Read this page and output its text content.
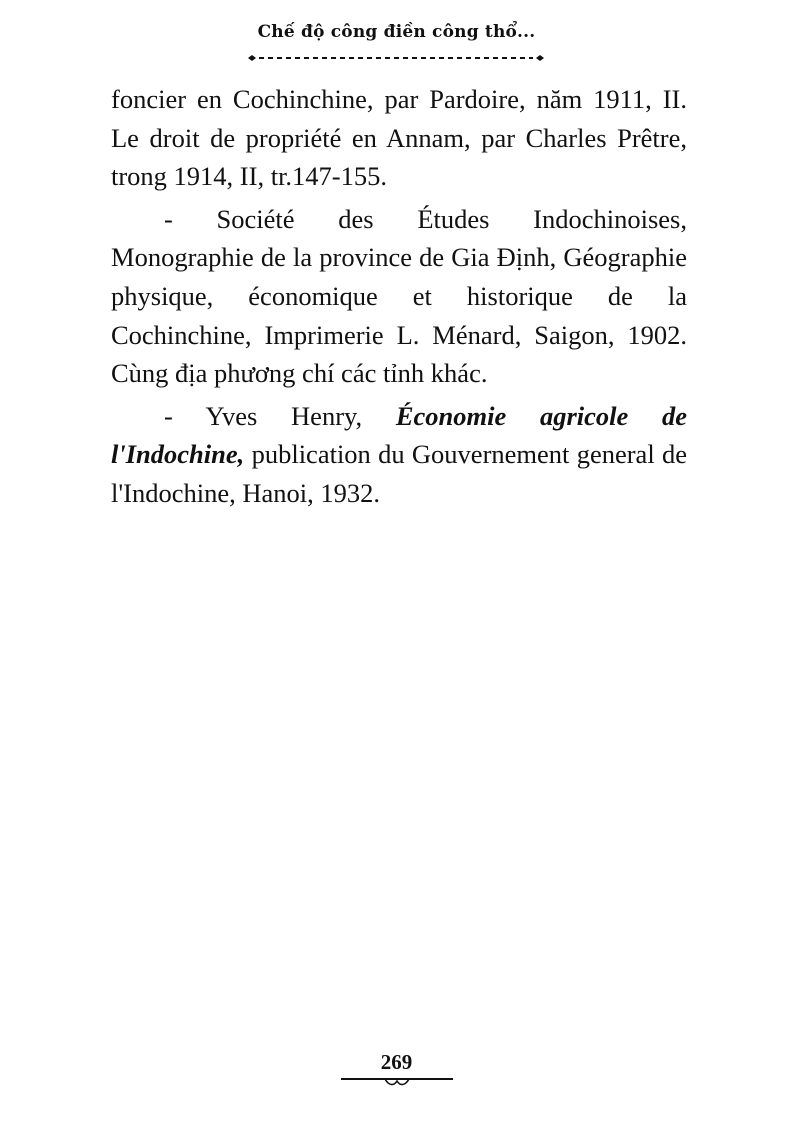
Chế độ công điền công thổ...

foncier en Cochinchine, par Pardoire, năm 1911, II. Le droit de propriété en Annam, par Charles Prêtre, trong 1914, II, tr.147-155.

- Société des Études Indochinoises, Monographie de la province de Gia Định, Géographie physique, économique et historique de la Cochinchine, Imprimerie L. Ménard, Saigon, 1902. Cùng địa phương chí các tỉnh khác.

- Yves Henry, Économie agricole de l'Indochine, publication du Gouvernement general de l'Indochine, Hanoi, 1932.

269
